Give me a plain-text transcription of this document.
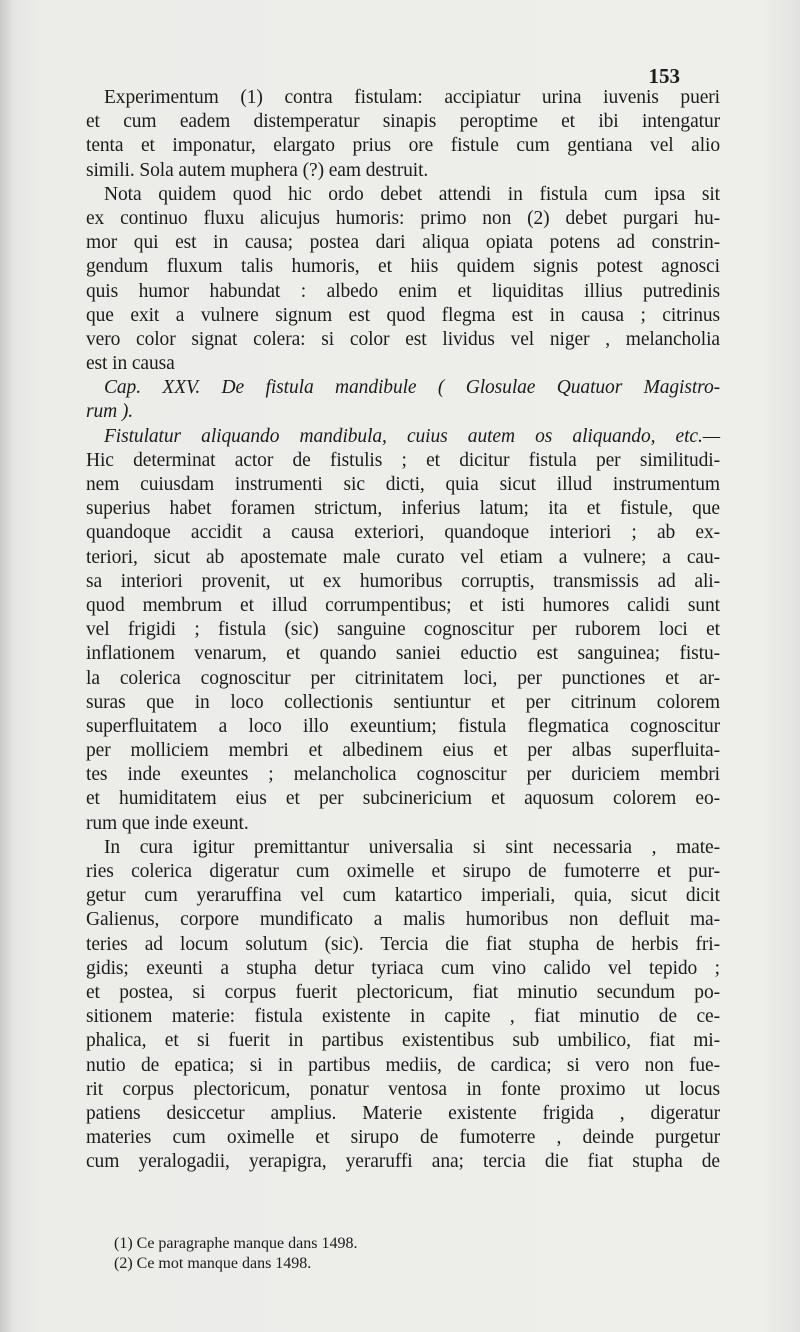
153
Experimentum (1) contra fistulam: accipiatur urina iuvenis pueri
et cum eadem distemperatur sinapis peroptime et ibi intengatur
tenta et imponatur, elargato prius ore fistule cum gentiana vel alio
simili. Sola autem muphera (?) eam destruit.
Nota quidem quod hic ordo debet attendi in fistula cum ipsa sit
ex continuo fluxu alicujus humoris: primo non (2) debet purgari hu-
mor qui est in causa; postea dari aliqua opiata potens ad constrin-
gendum fluxum talis humoris, et hiis quidem signis potest agnosci
quis humor habundat : albedo enim et liquiditas illius putredinis
que exit a vulnere signum est quod flegma est in causa ; citrinus
vero color signat colera: si color est lividus vel niger , melancholia
est in causa
Cap. XXV. De fistula mandibule ( Glosulae Quatuor Magistro-
rum ).
Fistulatur aliquando mandibula, cuius autem os aliquando, etc.—
Hic determinat actor de fistulis ; et dicitur fistula per similitudi-
nem cuiusdam instrumenti sic dicti, quia sicut illud instrumentum
superius habet foramen strictum, inferius latum; ita et fistule, que
quandoque accidit a causa exteriori, quandoque interiori ; ab ex-
teriori, sicut ab apostemate male curato vel etiam a vulnere; a cau-
sa interiori provenit, ut ex humoribus corruptis, transmissis ad ali-
quod membrum et illud corrumpentibus; et isti humores calidi sunt
vel frigidi ; fistula (sic) sanguine cognoscitur per ruborem loci et
inflationem venarum, et quando saniei eductio est sanguinea; fistu-
la colerica cognoscitur per citrinitatem loci, per punctiones et ar-
suras que in loco collectionis sentiuntur et per citrinum colorem
superfluitatem a loco illo exeuntium; fistula flegmatica cognoscitur
per molliciem membri et albedinem eius et per albas superfluita-
tes inde exeuntes ; melancholica cognoscitur per duriciem membri
et humiditatem eius et per subcinericium et aquosum colorem eo-
rum que inde exeunt.
In cura igitur premittantur universalia si sint necessaria , mate-
ries colerica digeratur cum oximelle et sirupo de fumoterre et pur-
getur cum yeraruffina vel cum katartico imperiali, quia, sicut dicit
Galienus, corpore mundificato a malis humoribus non defluit ma-
teries ad locum solutum (sic). Tercia die fiat stupha de herbis fri-
gidis; exeunti a stupha detur tyriaca cum vino calido vel tepido ;
et postea, si corpus fuerit plectoricum, fiat minutio secundum po-
sitionem materie: fistula existente in capite , fiat minutio de ce-
phalica, et si fuerit in partibus existentibus sub umbilico, fiat mi-
nutio de epatica; si in partibus mediis, de cardica; si vero non fue-
rit corpus plectoricum, ponatur ventosa in fonte proximo ut locus
patiens desiccetur amplius. Materie existente frigida , digeratur
materies cum oximelle et sirupo de fumoterre , deinde purgetur
cum yeralogadii, yerapigra, yeraruffi ana; tercia die fiat stupha de
(1) Ce paragraphe manque dans 1498.
(2) Ce mot manque dans 1498.
